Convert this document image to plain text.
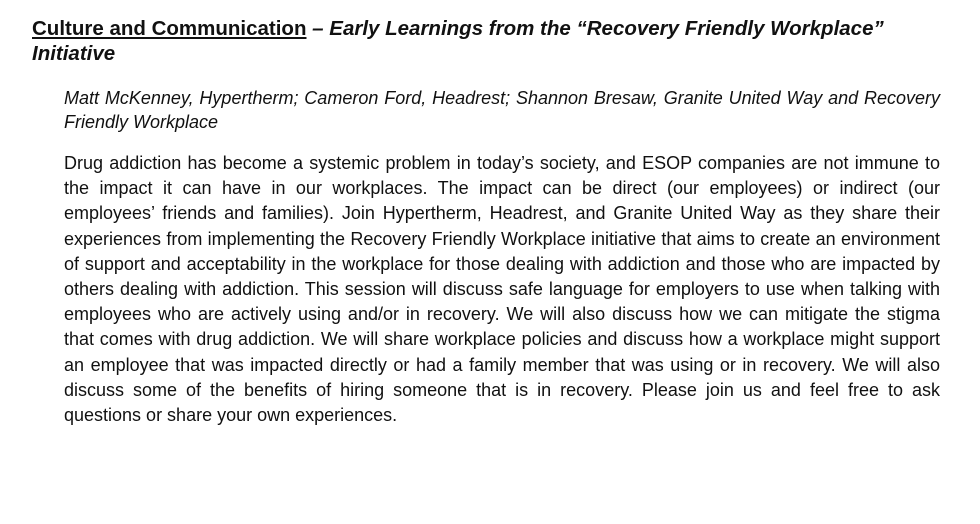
Culture and Communication – Early Learnings from the “Recovery Friendly Workplace” Initiative

Matt McKenney, Hypertherm; Cameron Ford, Headrest; Shannon Bresaw, Granite United Way and Recovery Friendly Workplace

Drug addiction has become a systemic problem in today’s society, and ESOP companies are not immune to the impact it can have in our workplaces. The impact can be direct (our employees) or indirect (our employees’ friends and families). Join Hypertherm, Headrest, and Granite United Way as they share their experiences from implementing the Recovery Friendly Workplace initiative that aims to create an environment of support and acceptability in the workplace for those dealing with addiction and those who are impacted by others dealing with addiction. This session will discuss safe language for employers to use when talking with employees who are actively using and/or in recovery. We will also discuss how we can mitigate the stigma that comes with drug addiction. We will share workplace policies and discuss how a workplace might support an employee that was impacted directly or had a family member that was using or in recovery. We will also discuss some of the benefits of hiring someone that is in recovery. Please join us and feel free to ask questions or share your own experiences.
